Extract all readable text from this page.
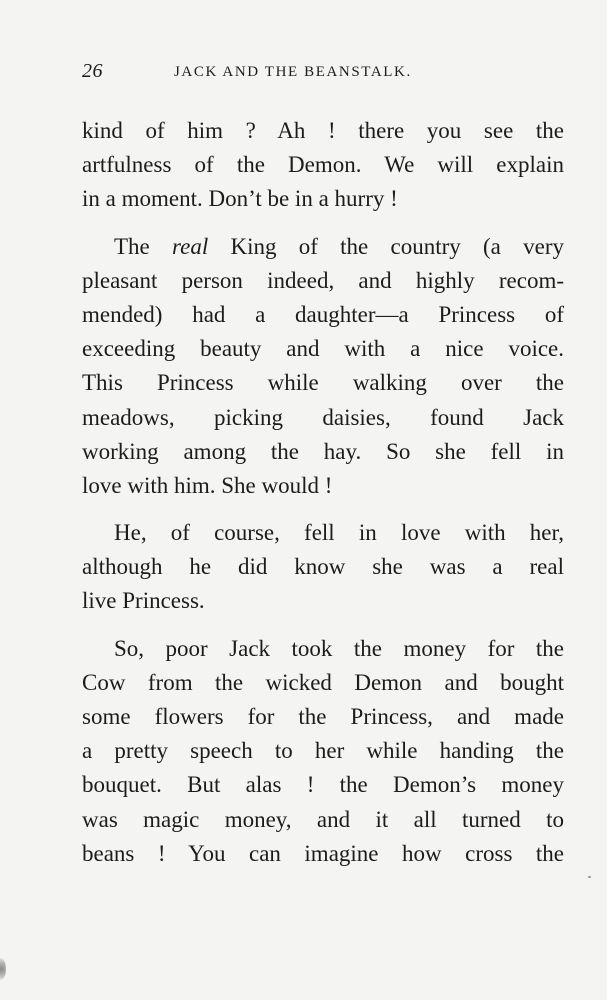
26	JACK AND THE BEANSTALK.
kind of him ? Ah ! there you see the
artfulness of the Demon. We will explain
in a moment. Don’t be in a hurry !
The real King of the country (a very
pleasant person indeed, and highly recom-
mended) had a daughter—a Princess of
exceeding beauty and with a nice voice.
This Princess while walking over the
meadows, picking daisies, found Jack
working among the hay. So she fell in
love with him. She would !
He, of course, fell in love with her,
although he did know she was a real
live Princess.
So, poor Jack took the money for the
Cow from the wicked Demon and bought
some flowers for the Princess, and made
a pretty speech to her while handing the
bouquet. But alas ! the Demon’s money
was magic money, and it all turned to
beans ! You can imagine how cross the
